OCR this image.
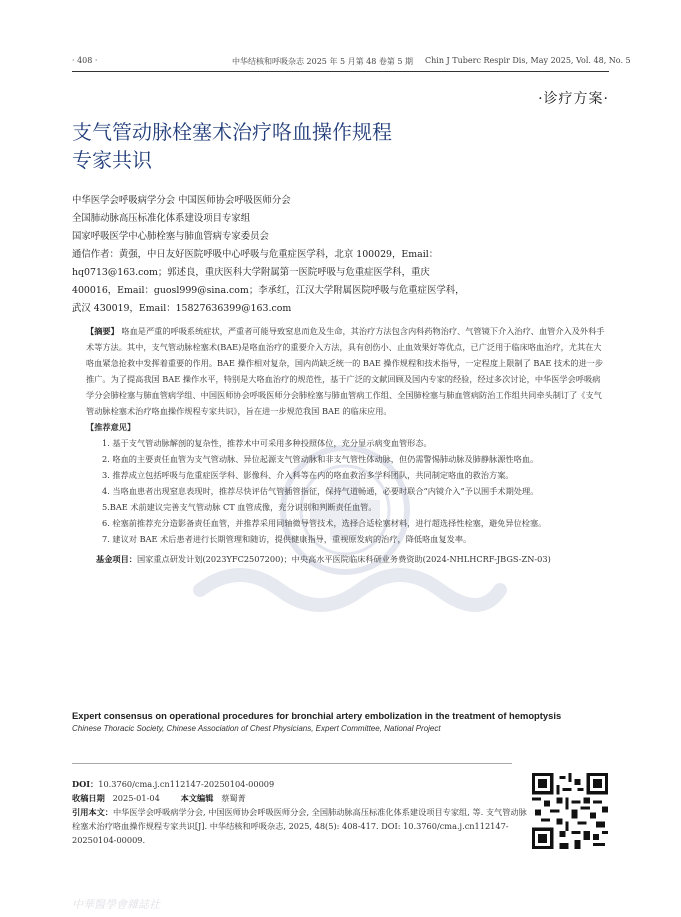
· 408 ·	中华结核和呼吸杂志 2025 年 5 月第 48 卷第 5 期 Chin J Tuberc Respir Dis, May 2025, Vol. 48, No. 5
·诊疗方案·
支气管动脉栓塞术治疗咯血操作规程
专家共识
中华医学会呼吸病学分会 中国医师协会呼吸医师分会
全国肺动脉高压标准化体系建设项目专家组
国家呼吸医学中心肺栓塞与肺血管病专家委员会
通信作者：黄强，中日友好医院呼吸中心呼吸与危重症医学科，北京 100029，Email：
hq0713@163.com；郭述良，重庆医科大学附属第一医院呼吸与危重症医学科，重庆
400016，Email：guosl999@sina.com；李承红，江汉大学附属医院呼吸与危重症医学科，
武汉 430019，Email：15827636399@163.com

【摘要】 咯血是严重的呼吸系统症状，严重者可能导致窒息而危及生命，其治疗方法包含内科药物治疗、气管镜下介入治疗、血管介入及外科手术等方法。其中，支气管动脉栓塞术(BAE)是咯血治疗的重要介入方法，具有创伤小、止血效果好等优点，已广泛用于临床咯血治疗，尤其在大咯血紧急抢救中发挥着重要的作用。BAE 操作相对复杂，国内尚缺乏统一的 BAE 操作规程和技术指导，一定程度上限制了 BAE 技术的进一步推广。为了提高我国 BAE 操作水平，特别是大咯血治疗的规范性，基于广泛的文献回顾及国内专家的经验，经过多次讨论，中华医学会呼吸病学分会肺栓塞与肺血管病学组、中国医师协会呼吸医师分会肺栓塞与肺血管病工作组、全国肺栓塞与肺血管病防治工作组共同牵头制订了《支气管动脉栓塞术治疗咯血操作规程专家共识》，旨在进一步规范我国 BAE 的临床应用。

【推荐意见】

1. 基于支气管动脉解剖的复杂性，推荐术中可采用多种投照体位，充分显示病变血管形态。

2. 咯血的主要责任血管为支气管动脉、异位起源支气管动脉和非支气管性体动脉，但仍需警惕肺动脉及肺静脉源性咯血。

3. 推荐成立包括呼吸与危重症医学科、影像科、介入科等在内的咯血救治多学科团队，共同制定咯血的救治方案。

4. 当咯血患者出现窒息表现时，推荐尽快评估气管插管指征，保持气道畅通，必要时联合“内镜介入”予以围手术期处理。

5.BAE 术前建议完善支气管动脉 CT 血管成像，充分识别和判断责任血管。

6. 栓塞前推荐充分造影备责任血管，并推荐采用同轴微导管技术，选择合适栓塞材料，进行超选择性栓塞，避免异位栓塞。

7. 建议对 BAE 术后患者进行长期管理和随访，提供健康指导，重视原发病的治疗，降低咯血复发率。

基金项目：国家重点研发计划(2023YFC2507200)；中央高水平医院临床科研业务费资助(2024-NHLHCRF-JBGS-ZN-03)

Expert consensus on operational procedures for bronchial artery embolization in the treatment of hemoptysis
Chinese Thoracic Society, Chinese Association of Chest Physicians, Expert Committee, National Project
DOI：10.3760/cma.j.cn112147-20250104-00009
收稿日期 2025-01-04	本文编辑 蔡蜀菁
引用本文：中华医学会呼吸病学分会, 中国医师协会呼吸医师分会, 全国肺动脉高压标准化体系建设项目专家组, 等. 支气管动脉栓塞术治疗咯血操作规程专家共识[J]. 中华结核和呼吸杂志, 2025, 48(5): 408-417. DOI: 10.3760/cma.j.cn112147-20250104-00009.
中華醫學會雜誌社
